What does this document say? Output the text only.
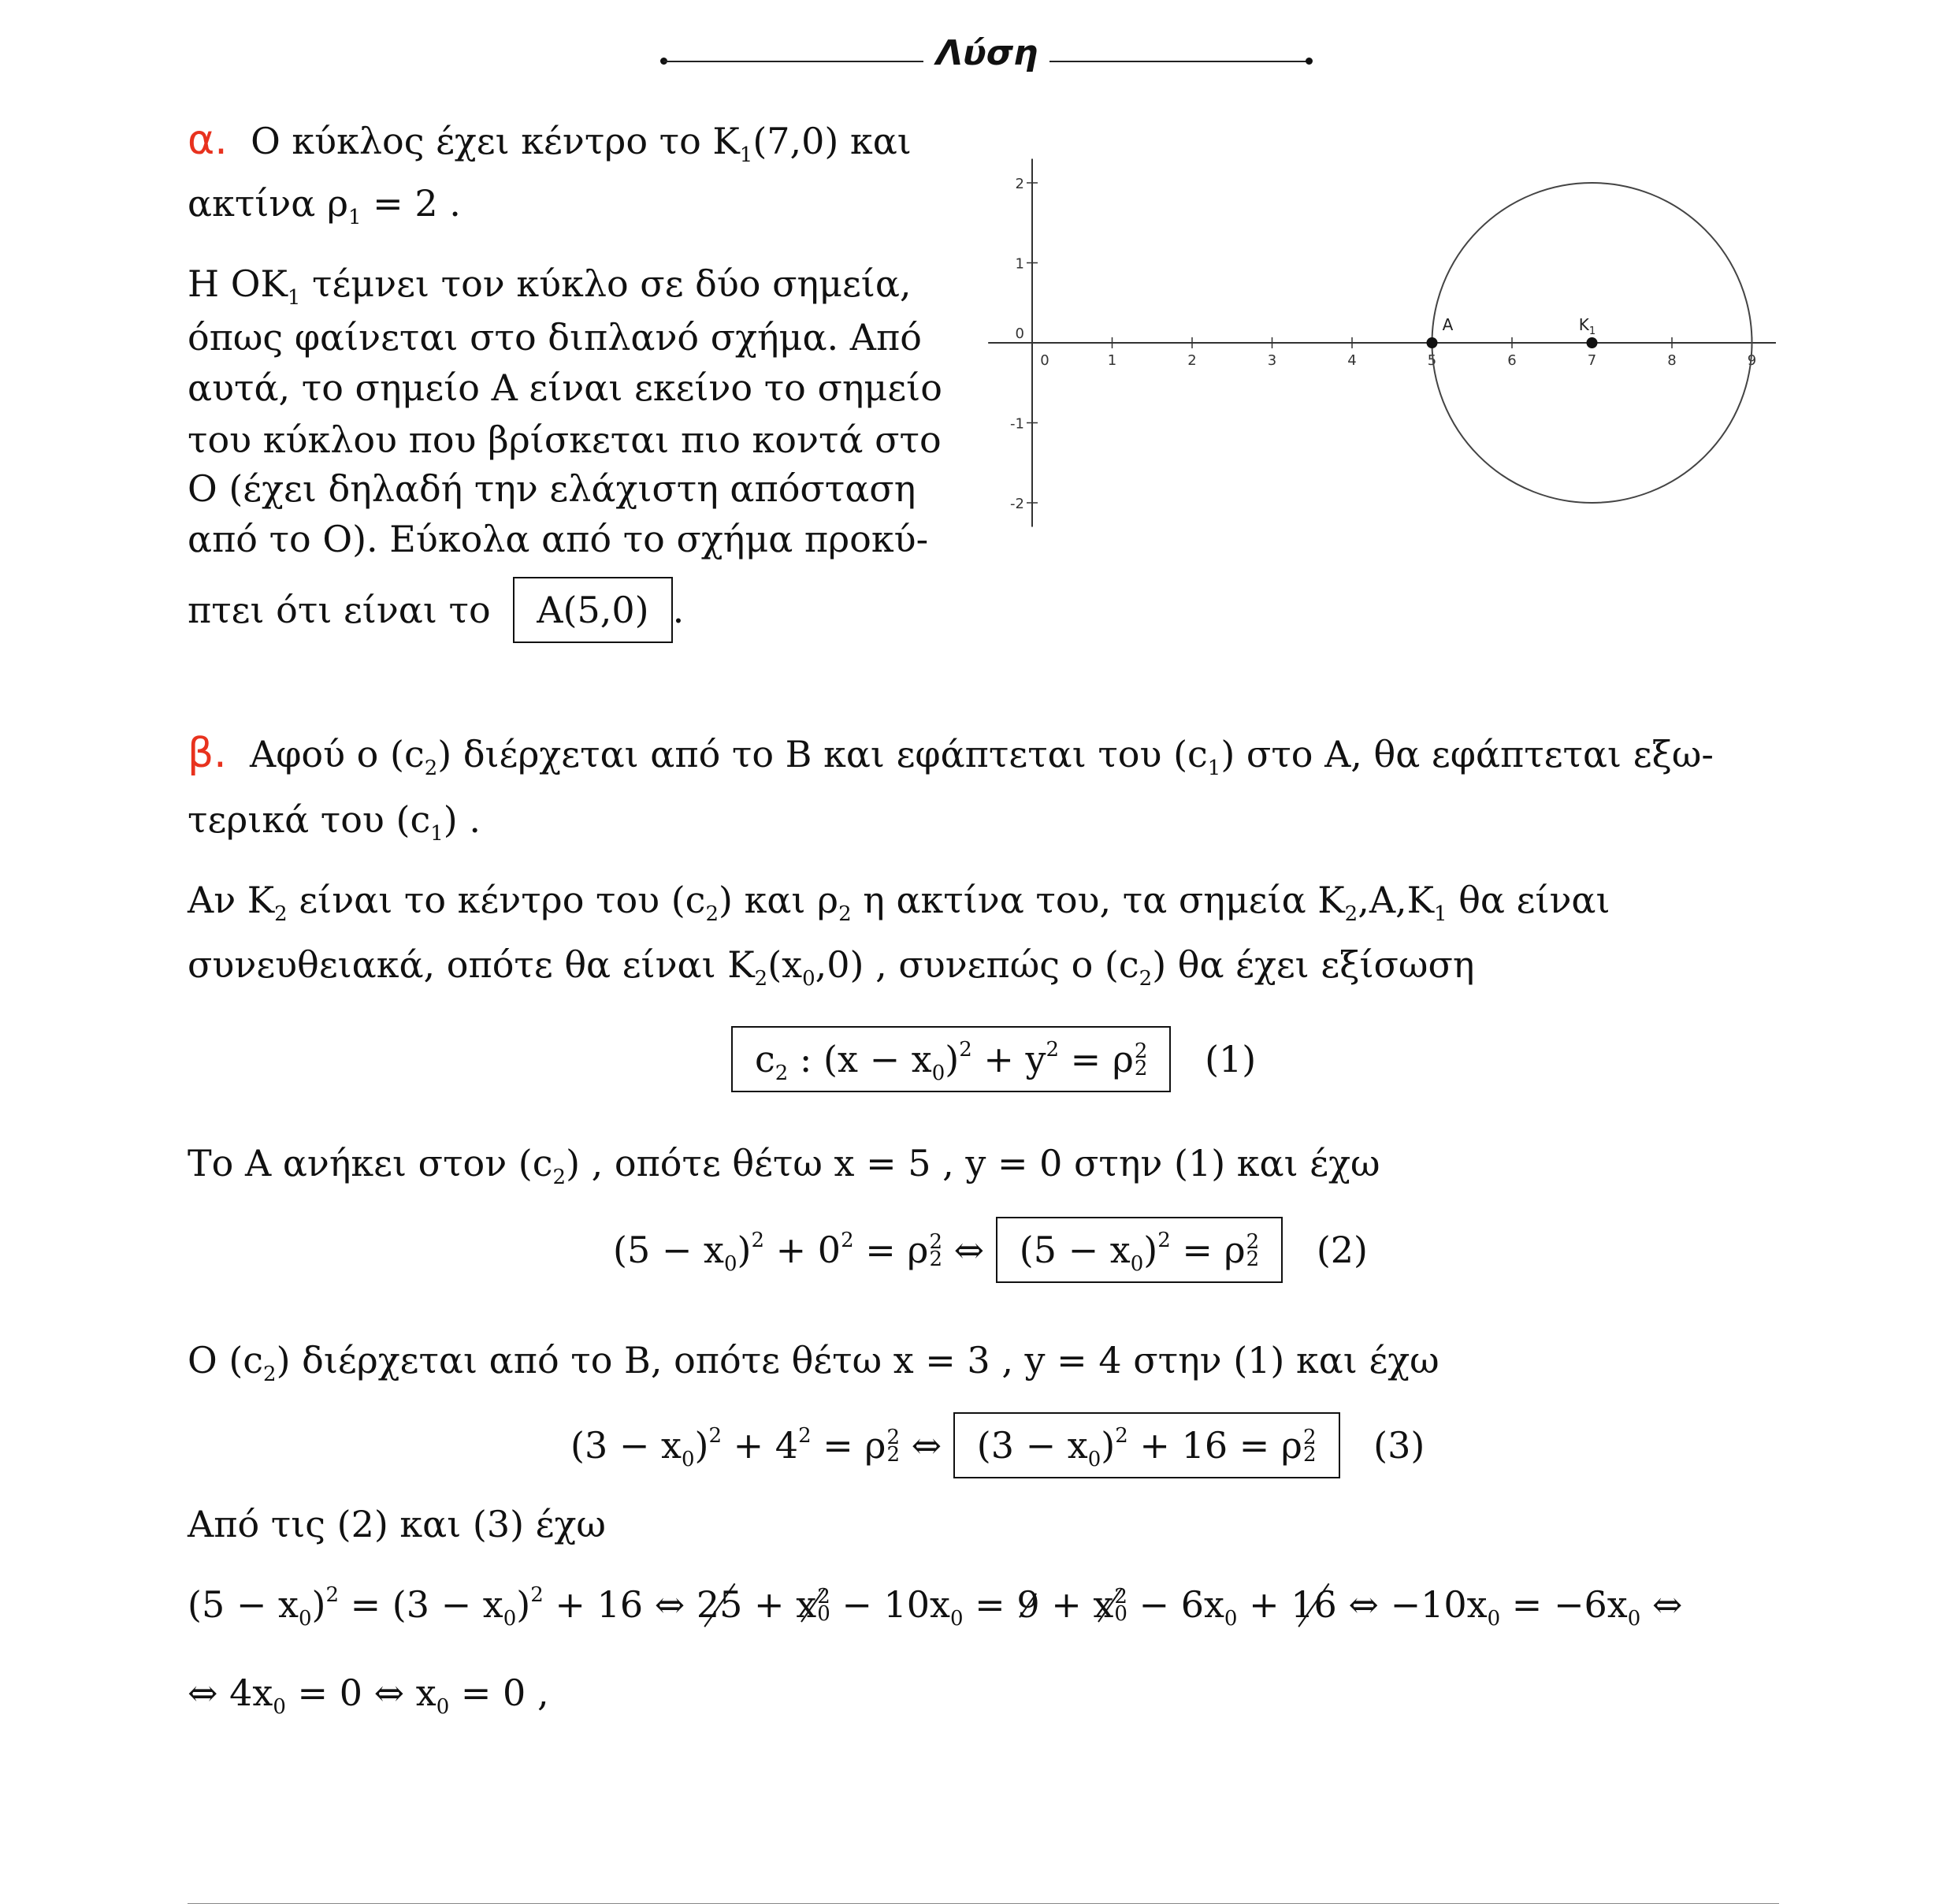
Λύση
α. Ο κύκλος έχει κέντρο το $K_1(7,0)$ και
ακτίνα $\rho_1 = 2$ .
Η $OK_1$ τέμνει τον κύκλο σε δύο σημεία,
όπως φαίνεται στο διπλανό σχήμα. Από
αυτά, το σημείο Α είναι εκείνο το σημείο
του κύκλου που βρίσκεται πιο κοντά στο
Ο (έχει δηλαδή την ελάχιστη απόσταση
από το Ο). Εύκολα από το σχήμα προκύ-
πτει ότι είναι το Α(5,0) .
0	1	2	3	4	5	6	7	8	9
2
1
0
-1
-2
A	$K_1$
β. Αφού ο $(c_2)$ διέρχεται από το Β και εφάπτεται του $(c_1)$ στο Α, θα εφάπτεται εξω-
τερικά του $(c_1)$ .
Αν $K_2$ είναι το κέντρο του $(c_2)$ και $\rho_2$ η ακτίνα του, τα σημεία $K_2,A,K_1$ θα είναι
συνευθειακά, οπότε θα είναι $K_2(x_0,0)$ , συνεπώς ο $(c_2)$ θα έχει εξίσωση
$c_2$ : $(x - x_0)^2 + y^2 = \rho$ 2
2 (1)
Το Α ανήκει στον $(c_2)$ , οπότε θέτω x = 5 , y = 0 στην (1) και έχω
$(5 - x_0)^2 + 0^2 = \rho$ 2
2 ⇔ $(5 - x_0)^2 = \rho$ 2
2 (2)
Ο $(c_2)$ διέρχεται από το Β, οπότε θέτω x = 3 , y = 4 στην (1) και έχω
$(3 - x_0)^2 + 4^2 = \rho$ 2
2 ⇔ $(3 - x_0)^2 + 16 = \rho$ 2
2 (3)
Από τις (2) και (3) έχω
$(5 - x_0)^2 = (3 - x_0)^2 + 16$ ⇔ 25 + x 2
$0 - 10x_0 = 9 + x$ 2
$0 - 6x_0 + 16$ ⇔ $-10x_0 = -6x_0$ ⇔
⇔ $4x_0 = 0$ ⇔ $x_0 = 0$ ,
